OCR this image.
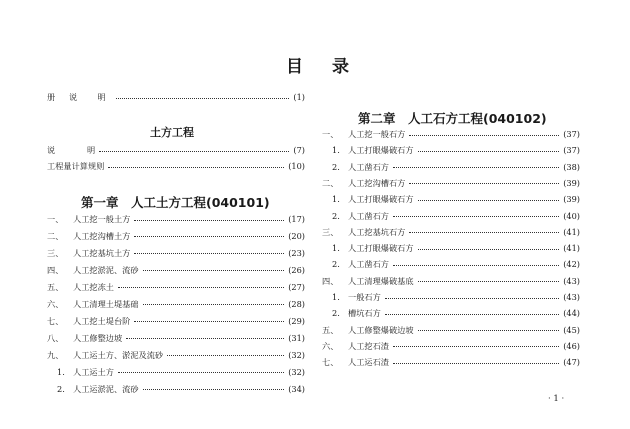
目 录
册	说　明	(1)
土方工程
说	明	(7)
工程量计算规则	(10)
第一章　人工土方工程(040101)
一、	人工挖一般土方	(17)
二、	人工挖沟槽土方	(20)
三、	人工挖基坑土方	(23)
四、	人工挖淤泥、流砂	(26)
五、	人工挖冻土	(27)
六、	人工清理土堤基础	(28)
七、	人工挖土堤台阶	(29)
八、	人工修整边坡	(31)
九、	人工运土方、淤泥及流砂	(32)
1. 人工运土方	(32)
2. 人工运淤泥、流砂	(34)
第二章　人工石方工程(040102)
一、	人工挖一般石方	(37)
1. 人工打眼爆破石方	(37)
2. 人工凿石方	(38)
二、	人工挖沟槽石方	(39)
1. 人工打眼爆破石方	(39)
2. 人工凿石方	(40)
三、	人工挖基坑石方	(41)
1. 人工打眼爆破石方	(41)
2. 人工凿石方	(42)
四、	人工清理爆破基底	(43)
1. 一般石方	(43)
2. 槽坑石方	(44)
五、	人工修整爆破边坡	(45)
六、	人工挖石渣	(46)
七、	人工运石渣	(47)
· 1 ·
